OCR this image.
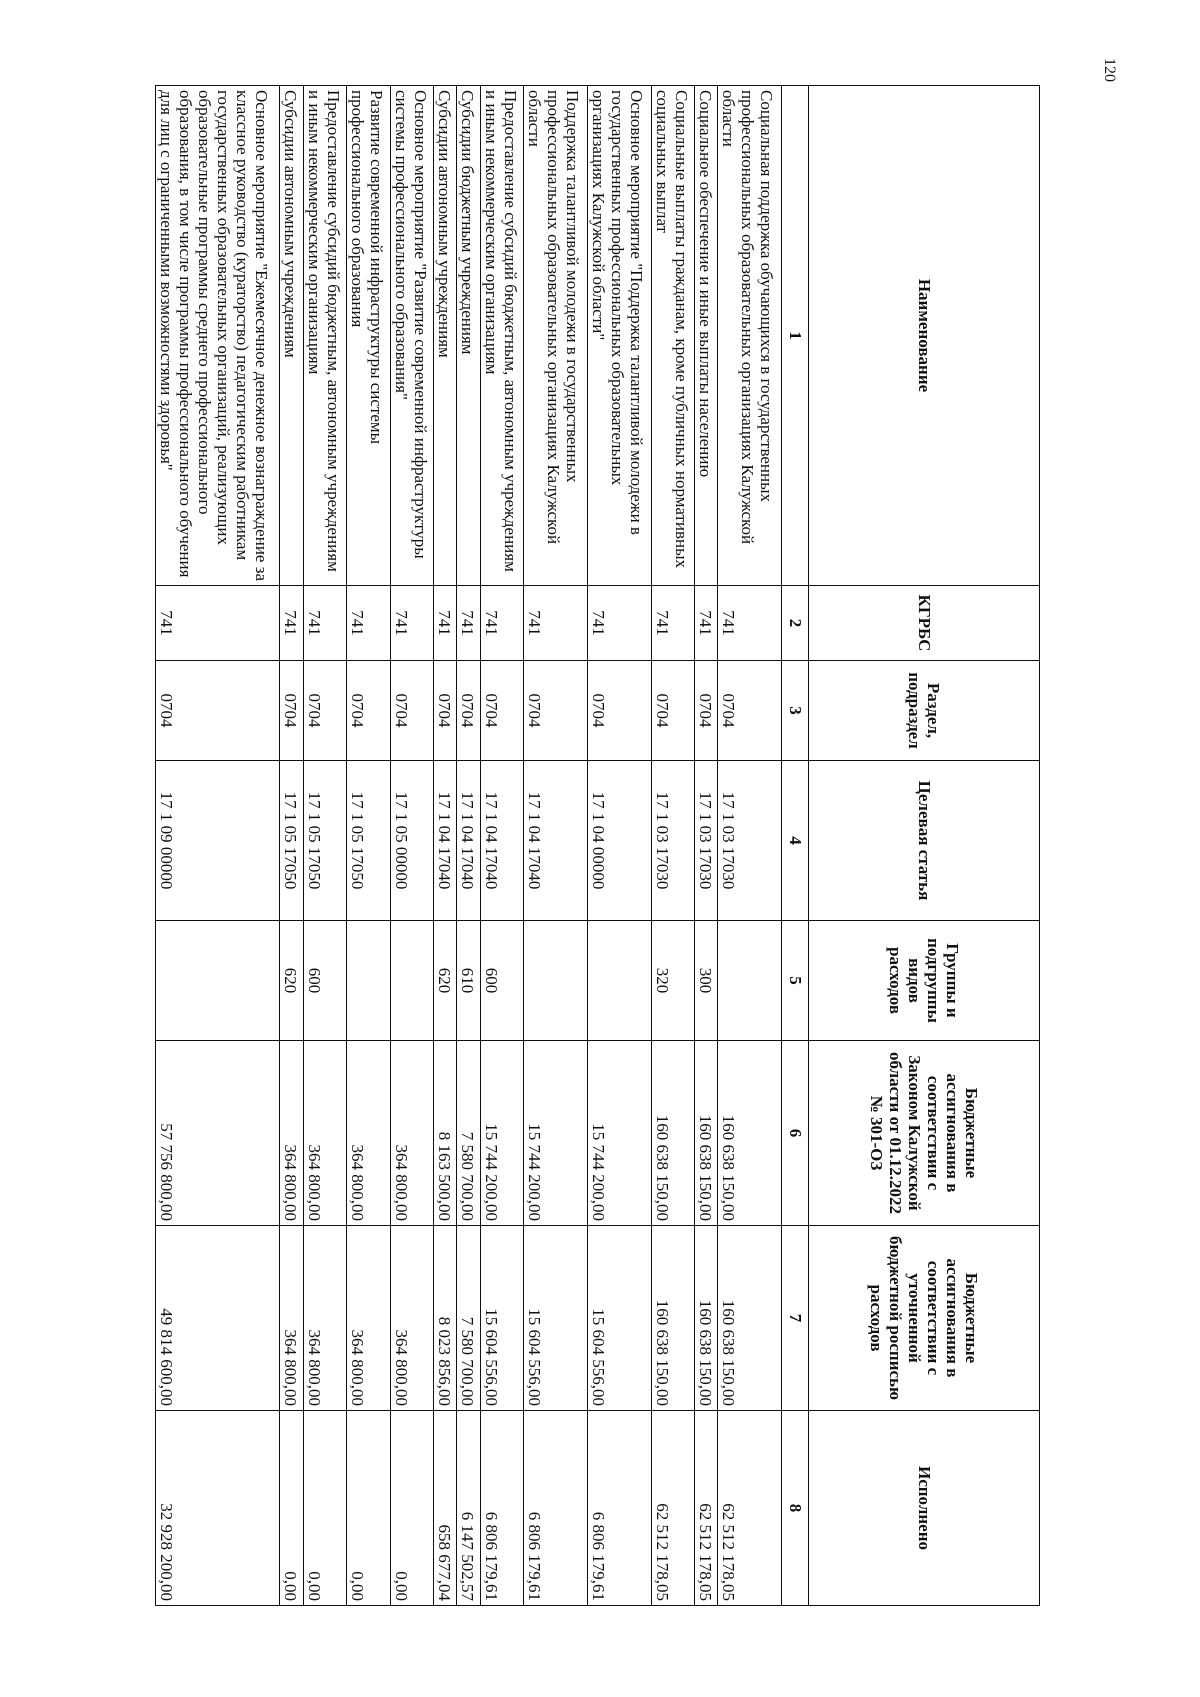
120
Наименование	КГРБС	Раздел, подраздел	Целевая статья	Группы и подгруппы видов расходов	Бюджетные ассигнования в соответствии с Законом Калужской области от 01.12.2022 № 301-ОЗ	Бюджетные ассигнования в соответствии с уточненной бюджетной росписью расходов	Исполнено
1	2	3	4	5	6	7	8
Социальная поддержка обучающихся в государственных профессиональных образовательных организациях Калужской области	741	0704	17 1 03 17030		160 638 150,00	160 638 150,00	62 512 178,05
Социальное обеспечение и иные выплаты населению	741	0704	17 1 03 17030	300	160 638 150,00	160 638 150,00	62 512 178,05
Социальные выплаты гражданам, кроме публичных нормативных социальных выплат	741	0704	17 1 03 17030	320	160 638 150,00	160 638 150,00	62 512 178,05
Основное мероприятие "Поддержка талантливой молодежи в государственных профессиональных образовательных организациях Калужской области"	741	0704	17 1 04 00000		15 744 200,00	15 604 556,00	6 806 179,61
Поддержка талантливой молодежи в государственных профессиональных образовательных организациях Калужской области	741	0704	17 1 04 17040		15 744 200,00	15 604 556,00	6 806 179,61
Предоставление субсидий бюджетным, автономным учреждениям и иным некоммерческим организациям	741	0704	17 1 04 17040	600	15 744 200,00	15 604 556,00	6 806 179,61
Субсидии бюджетным учреждениям	741	0704	17 1 04 17040	610	7 580 700,00	7 580 700,00	6 147 502,57
Субсидии автономным учреждениям	741	0704	17 1 04 17040	620	8 163 500,00	8 023 856,00	658 677,04
Основное мероприятие "Развитие современной инфраструктуры системы профессионального образования"	741	0704	17 1 05 00000		364 800,00	364 800,00	0,00
Развитие современной инфраструктуры системы профессионального образования	741	0704	17 1 05 17050		364 800,00	364 800,00	0,00
Предоставление субсидий бюджетным, автономным учреждениям и иным некоммерческим организациям	741	0704	17 1 05 17050	600	364 800,00	364 800,00	0,00
Субсидии автономным учреждениям	741	0704	17 1 05 17050	620	364 800,00	364 800,00	0,00
Основное мероприятие "Ежемесячное денежное вознаграждение за классное руководство (кураторство) педагогическим работникам государственных образовательных организаций, реализующих образовательные программы среднего профессионального образования, в том числе программы профессионального обучения для лиц с ограниченными возможностями здоровья"	741	0704	17 1 09 00000		57 756 800,00	49 814 600,00	32 928 200,00
